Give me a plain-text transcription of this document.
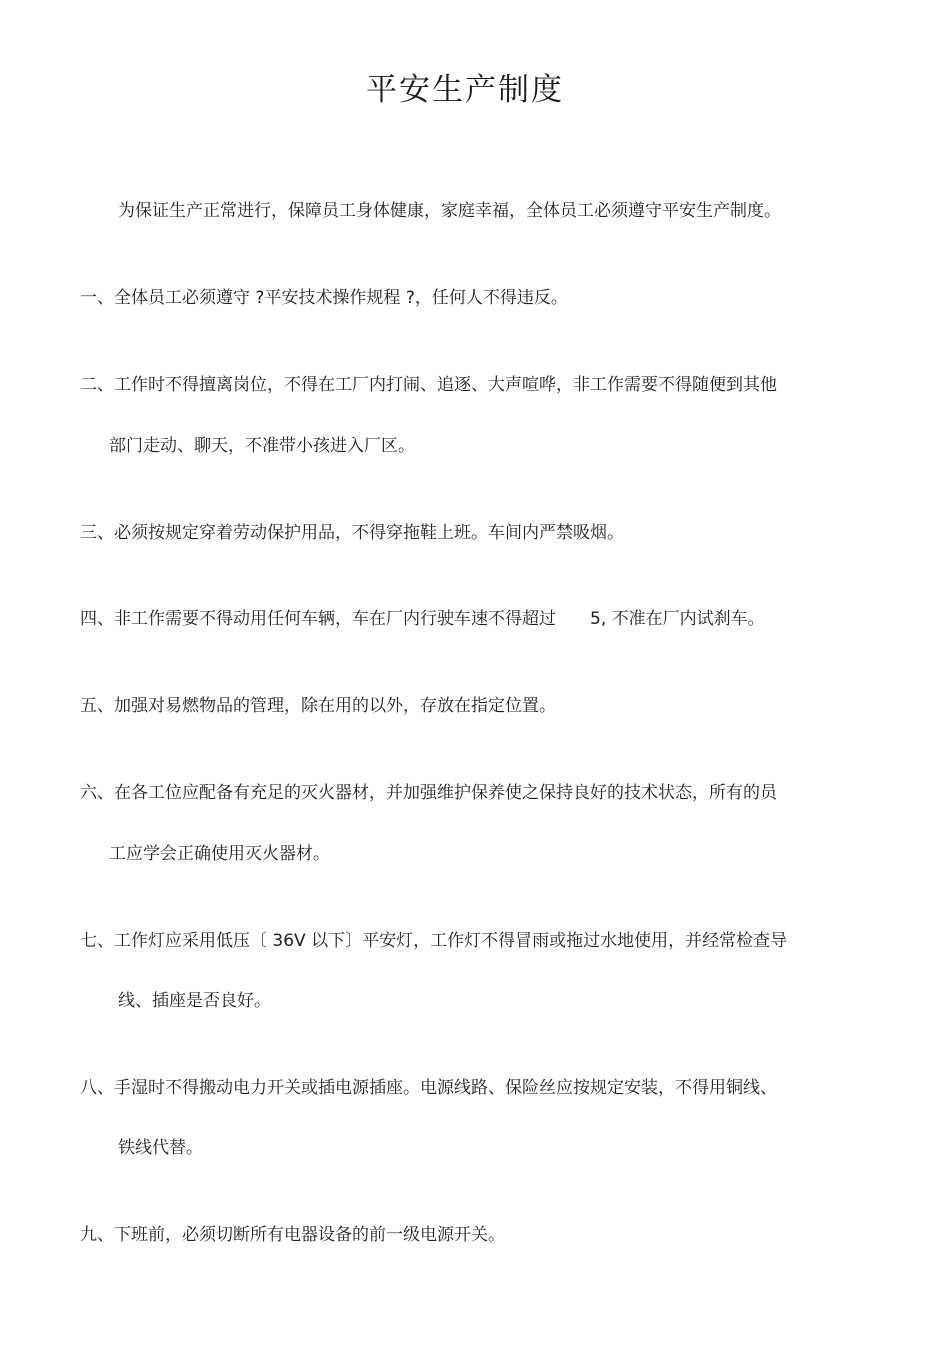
平安生产制度
为保证生产正常进行，保障员工身体健康，家庭幸福，全体员工必须遵守平安生产制度。
一、全体员工必须遵守 ?平安技术操作规程 ?，任何人不得违反。
二、工作时不得擅离岗位，不得在工厂内打闹、追逐、大声喧哗，非工作需要不得随便到其他
部门走动、聊天，不准带小孩进入厂区。
三、必须按规定穿着劳动保护用品，不得穿拖鞋上班。车间内严禁吸烟。
四、非工作需要不得动用任何车辆，车在厂内行驶车速不得超过　　5, 不准在厂内试刹车。
五、加强对易燃物品的管理，除在用的以外，存放在指定位置。
六、在各工位应配备有充足的灭火器材，并加强维护保养使之保持良好的技术状态，所有的员
工应学会正确使用灭火器材。
七、工作灯应采用低压〔 36V 以下〕平安灯，工作灯不得冒雨或拖过水地使用，并经常检查导
线、插座是否良好。
八、手湿时不得搬动电力开关或插电源插座。电源线路、保险丝应按规定安装，不得用铜线、
铁线代替。
九、下班前，必须切断所有电器设备的前一级电源开关。
